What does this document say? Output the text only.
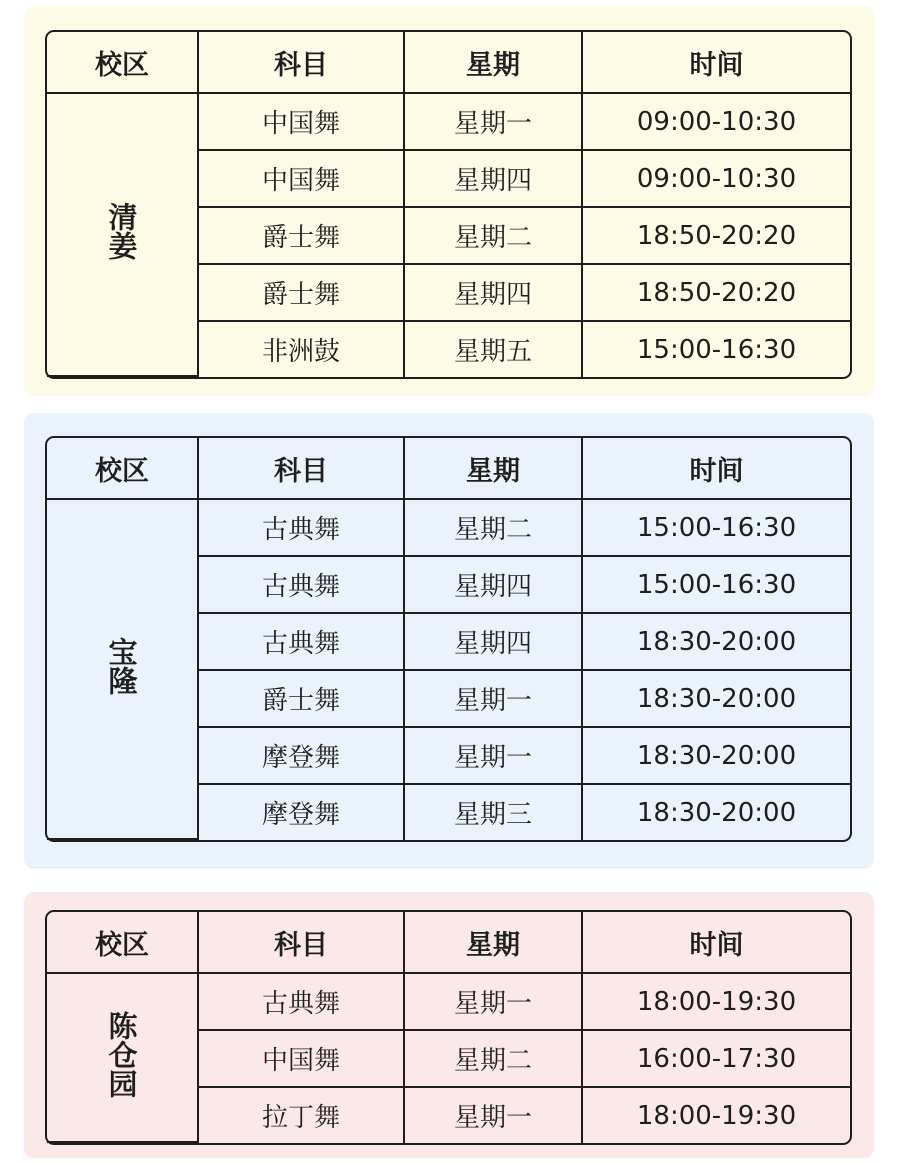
校区	科目	星期	时间
清姜	中国舞	星期一	09:00-10:30
	中国舞	星期四	09:00-10:30
	爵士舞	星期二	18:50-20:20
	爵士舞	星期四	18:50-20:20
	非洲鼓	星期五	15:00-16:30
校区	科目	星期	时间
宝隆	古典舞	星期二	15:00-16:30
	古典舞	星期四	15:00-16:30
	古典舞	星期四	18:30-20:00
	爵士舞	星期一	18:30-20:00
	摩登舞	星期一	18:30-20:00
	摩登舞	星期三	18:30-20:00
校区	科目	星期	时间
陈仓园	古典舞	星期一	18:00-19:30
	中国舞	星期二	16:00-17:30
	拉丁舞	星期一	18:00-19:30
